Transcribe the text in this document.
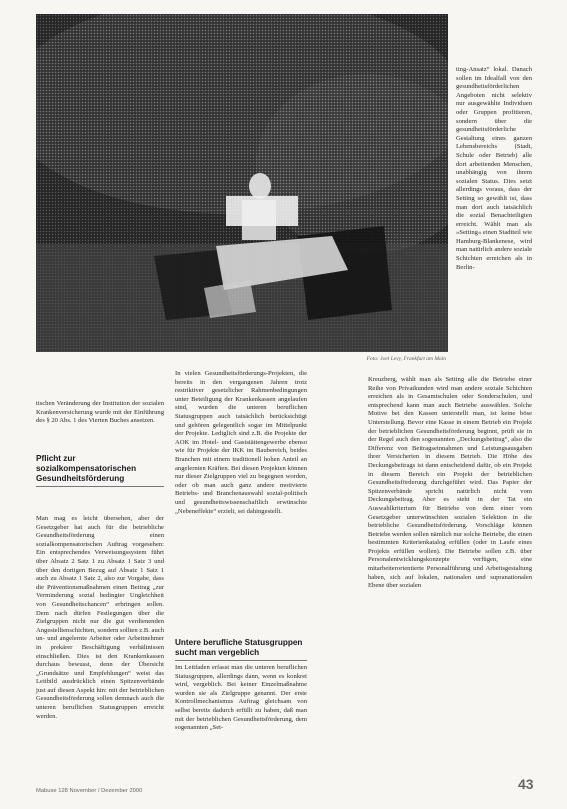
Foto: Joel Levy, Frankfurt am Main

ting-Ansatz“ lokal. Danach sollen im Idealfall von den gesundheitsförderlichen Angeboten nicht selektiv nur ausgewählte Individuen oder Gruppen profitieren, sondern über die gesundheitsförderliche Gestaltung eines ganzen Lebensbereichs (Stadt, Schule oder Betrieb) alle dort arbeitenden Menschen, unabhängig von ihrem sozialen Status. Dies setzt allerdings voraus, dass der Setting so gewählt ist, dass man dort auch tatsächlich die sozial Benachteiligten erreicht. Wählt man als »Setting« einen Stadtteil wie Hamburg-Blankenese, wird man natürlich andere soziale Schichten erreichen als in Berlin-

tischen Veränderung der Institution der sozialen Krankenversicherung wurde mit der Einführung des § 20 Abs. 1 des Vierten Buches ansetzen.

Pflicht zur sozialkompensatorischen Gesundheitsförderung

Man mag es leicht übersehen, aber der Gesetzgeber hat auch für die betriebliche Gesundheitsförderung einen sozialkompensatorischen Auftrag vorgesehen: Ein entsprechendes Verweisungssystem führt über Absatz 2 Satz 1 zu Absatz 1 Satz 3 und über den dortigen Bezug auf Absatz 1 Satz 1 auch zu Absatz 1 Satz 2, also zur Vorgabe, dass die Präventionsmaßnahmen einen Beitrag „zur Verminderung sozial bedingter Ungleichheit von Gesundheitschancen“ erbringen sollen. Dem nach dürfen Festlegungen über die Zielgruppen nicht nur die gut verdienenden Angestelltenschichten, sondern sollten z.B. auch un- und angelernte Arbeiter oder Arbeitnehmer in prekärer Beschäftigung verhältnissen einschließen. Dies ist den Krankenkassen durchaus bewusst, denn der Übersicht „Grundsätze und Empfehlungen“ weist das Leitbild ausdrücklich einen Spitzenverbände just auf diesen Aspekt hin: mit der betrieblichen Gesundheitsförderung sollen demnach auch die unteren beruflichen Statusgruppen erreicht werden.

In vielen Gesundheitsförderungs-Projekten, die bereits in den vergangenen Jahren trotz restriktiver gesetzlicher Rahmenbedingungen unter Beteiligung der Krankenkassen angelaufen sind, wurden die unteren beruflichen Statusgruppen auch tatsächlich berücksichtigt und gehören gelegentlich sogar im Mittelpunkt der Projekte. Lediglich sind z.B. die Projekte der AOK im Hotel- und Gaststättengewerbe ebenso wie für Projekte der IKK im Baubereich, beides Branchen mit einem traditionell hohen Anteil an angelernten Kräften. Bei diesen Projekten können nur dieser Zielgruppen viel zu begegnen worden, oder ob man auch ganz andere motivierte Betriebs- und Branchenauswahl sozial-politisch und gesundheitswissenschaftlich erwünschte „Nebeneffekte“ erzielt, sei dahingestellt.

Untere berufliche Statusgruppen sucht man vergeblich

Im Leitfaden erfasst man die unteren beruflichen Statusgruppen, allerdings dann, wenn es konkret wird, vergeblich. Bei keiner Einzelmaßnahme wurden sie als Zielgruppe genannt. Der erste Kontrollmechanismus Auftrag gleichsam von selbst bereits dadurch erfüllt zu haben, daß man mit der betrieblichen Gesundheitsförderung, dem sogenannten „Set-

Kreuzberg, wählt man als Setting alle die Betriebe einer Reihe von Privatkunden wird man andere soziale Schichten erreichen als in Gesamtschulen oder Sonderschulen, und entsprechend kann man auch Betriebe auswählen. Solche Motive bei den Kassen unterstellt man, ist keine böse Unterstellung. Bevor eine Kasse in einem Betrieb ein Projekt der betrieblichen Gesundheitsförderung beginnt, prüft sie in der Regel auch den sogenannten „Deckungsbeitrag“, also die Differenz von Beitragseinnahmen und Leistungsausgaben ihrer Versicherten in diesem Betrieb. Die Höhe des Deckungsbeitrags ist dann entscheidend dafür, ob ein Projekt in diesem Bereich ein Projekt der betrieblichen Gesundheitsförderung durchgeführt wird. Das Papier der Spitzenverbände spricht natürlich nicht vom Deckungsbeitrag. Aber es steht in der Tat ein Auswahlkriterium für Betriebe von dem einer vom Gesetzgeber unterwünschten sozialen Selektion in die betriebliche Gesundheitsförderung. Vorschläge können Betriebe werden sollen nämlich nur solche Betriebe, die einen bestimmten Kriterienkatalog erfüllen (oder in Laufe eines Projekts erfüllen wollen). Die Betriebe sollen z.B. über Personalentwicklungskonzepte verfügen, eine mitarbeiterorientierte Personalführung und Arbeitsgestaltung haben, sich auf lokalen, nationalen und supranationalen Ebene über sozialen

Mabuse 128 November / Dezember 2000	43
